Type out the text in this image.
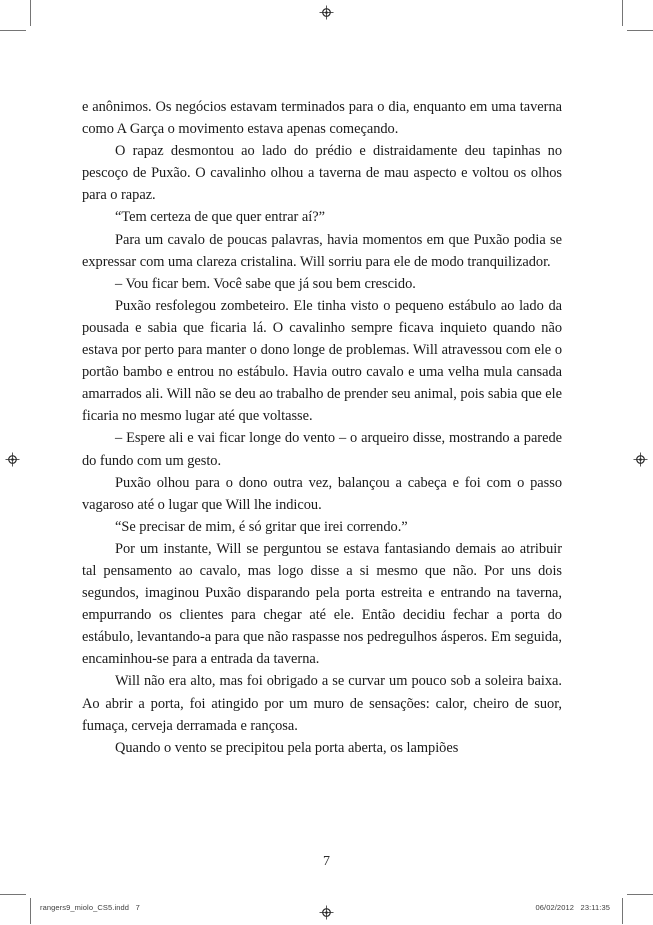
e anônimos. Os negócios estavam terminados para o dia, enquanto em uma taverna como A Garça o movimento estava apenas começando.

O rapaz desmontou ao lado do prédio e distraidamente deu tapinhas no pescoço de Puxão. O cavalinho olhou a taverna de mau aspecto e voltou os olhos para o rapaz.

“Tem certeza de que quer entrar aí?”

Para um cavalo de poucas palavras, havia momentos em que Puxão podia se expressar com uma clareza cristalina. Will sorriu para ele de modo tranquilizador.

– Vou ficar bem. Você sabe que já sou bem crescido.

Puxão resfolegou zombeteiro. Ele tinha visto o pequeno estábulo ao lado da pousada e sabia que ficaria lá. O cavalinho sempre ficava inquieto quando não estava por perto para manter o dono longe de problemas. Will atravessou com ele o portão bambo e entrou no estábulo. Havia outro cavalo e uma velha mula cansada amarrados ali. Will não se deu ao trabalho de prender seu animal, pois sabia que ele ficaria no mesmo lugar até que voltasse.

– Espere ali e vai ficar longe do vento – o arqueiro disse, mostrando a parede do fundo com um gesto.

Puxão olhou para o dono outra vez, balançou a cabeça e foi com o passo vagaroso até o lugar que Will lhe indicou.

“Se precisar de mim, é só gritar que irei correndo.”

Por um instante, Will se perguntou se estava fantasiando demais ao atribuir tal pensamento ao cavalo, mas logo disse a si mesmo que não. Por uns dois segundos, imaginou Puxão disparando pela porta estreita e entrando na taverna, empurrando os clientes para chegar até ele. Então decidiu fechar a porta do estábulo, levantando-a para que não raspasse nos pedregulhos ásperos. Em seguida, encaminhou-se para a entrada da taverna.

Will não era alto, mas foi obrigado a se curvar um pouco sob a soleira baixa. Ao abrir a porta, foi atingido por um muro de sensações: calor, cheiro de suor, fumaça, cerveja derramada e rançosa.

Quando o vento se precipitou pela porta aberta, os lampiões

7
rangers9_miolo_CS5.indd   7	06/02/2012   23:11:35
